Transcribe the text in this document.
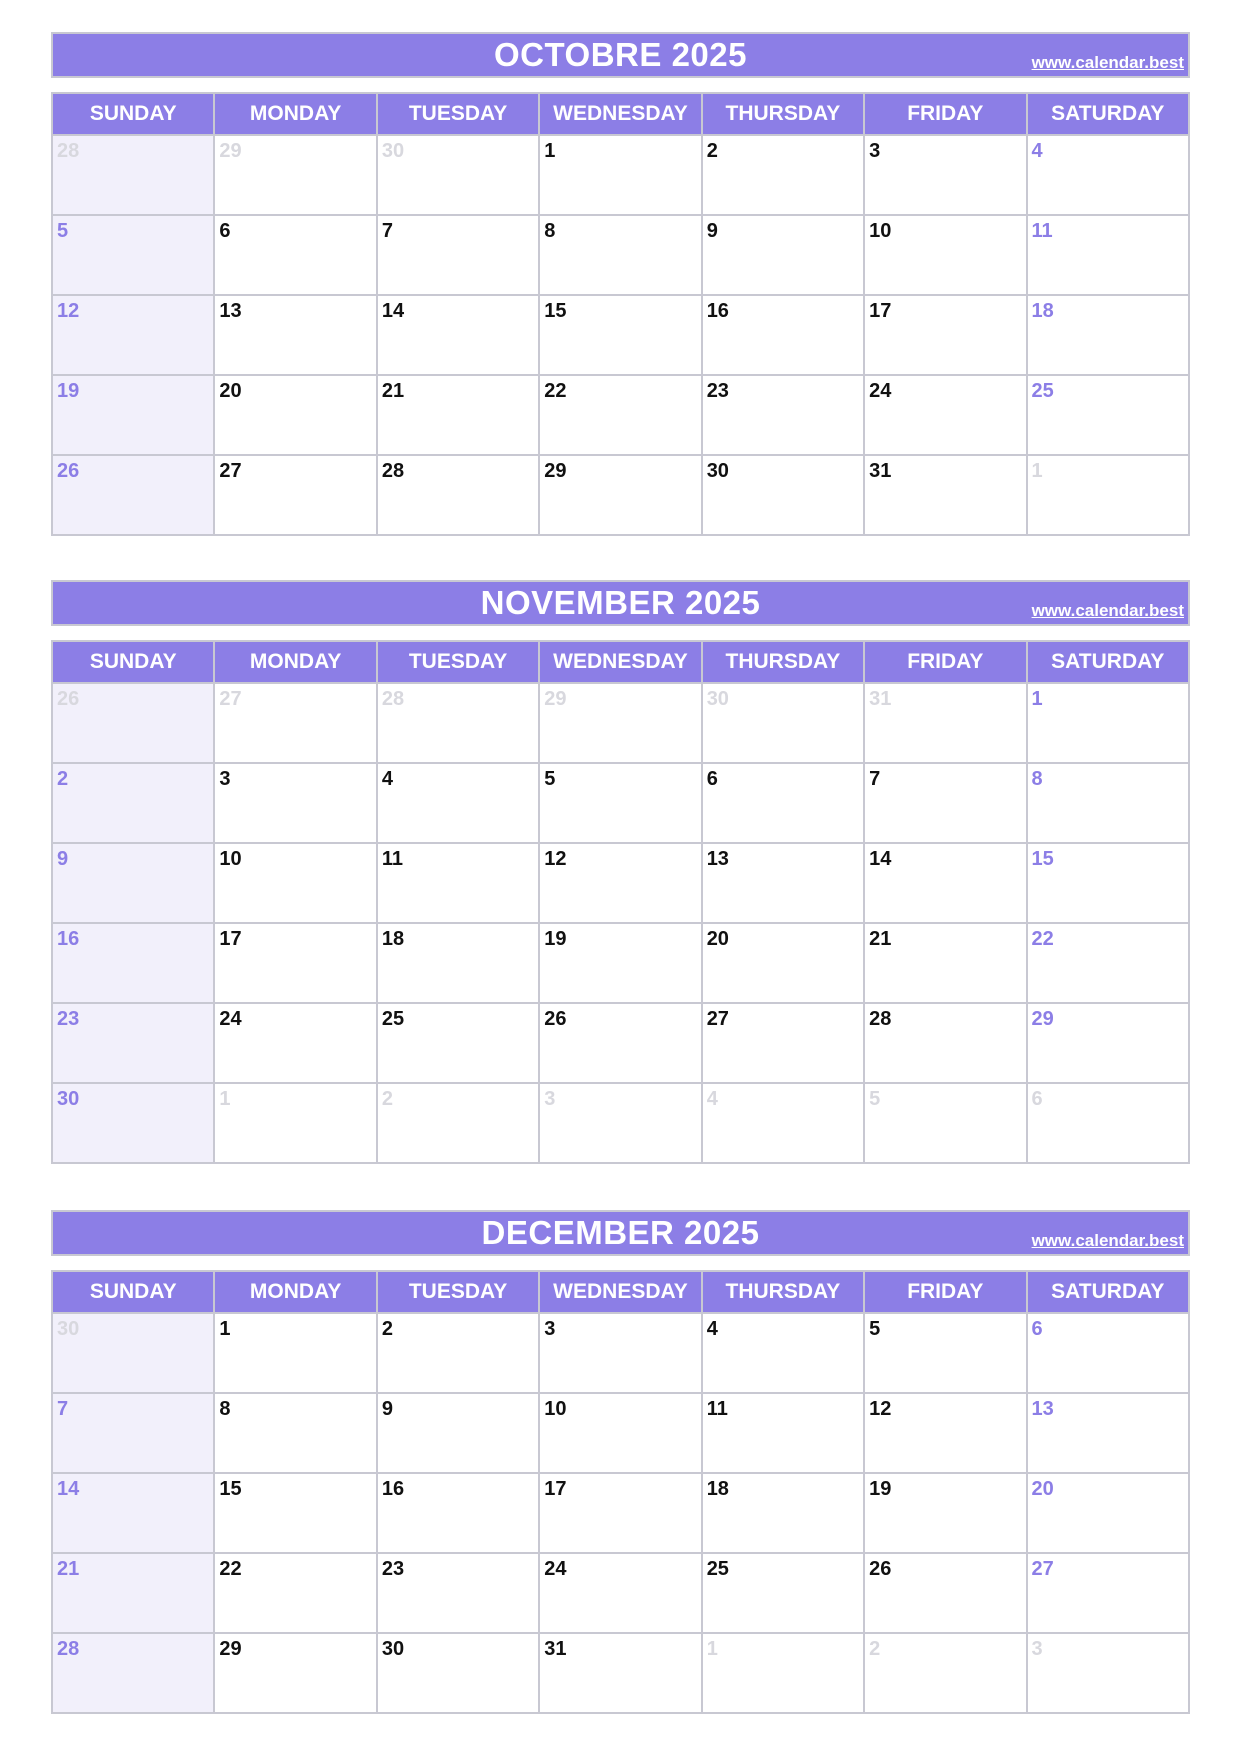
OCTOBRE 2025	www.calendar.best
SUNDAY	MONDAY	TUESDAY	WEDNESDAY	THURSDAY	FRIDAY	SATURDAY
28	29	30	1	2	3	4
5	6	7	8	9	10	11
12	13	14	15	16	17	18
19	20	21	22	23	24	25
26	27	28	29	30	31	1
NOVEMBER 2025	www.calendar.best
SUNDAY	MONDAY	TUESDAY	WEDNESDAY	THURSDAY	FRIDAY	SATURDAY
26	27	28	29	30	31	1
2	3	4	5	6	7	8
9	10	11	12	13	14	15
16	17	18	19	20	21	22
23	24	25	26	27	28	29
30	1	2	3	4	5	6
DECEMBER 2025	www.calendar.best
SUNDAY	MONDAY	TUESDAY	WEDNESDAY	THURSDAY	FRIDAY	SATURDAY
30	1	2	3	4	5	6
7	8	9	10	11	12	13
14	15	16	17	18	19	20
21	22	23	24	25	26	27
28	29	30	31	1	2	3
